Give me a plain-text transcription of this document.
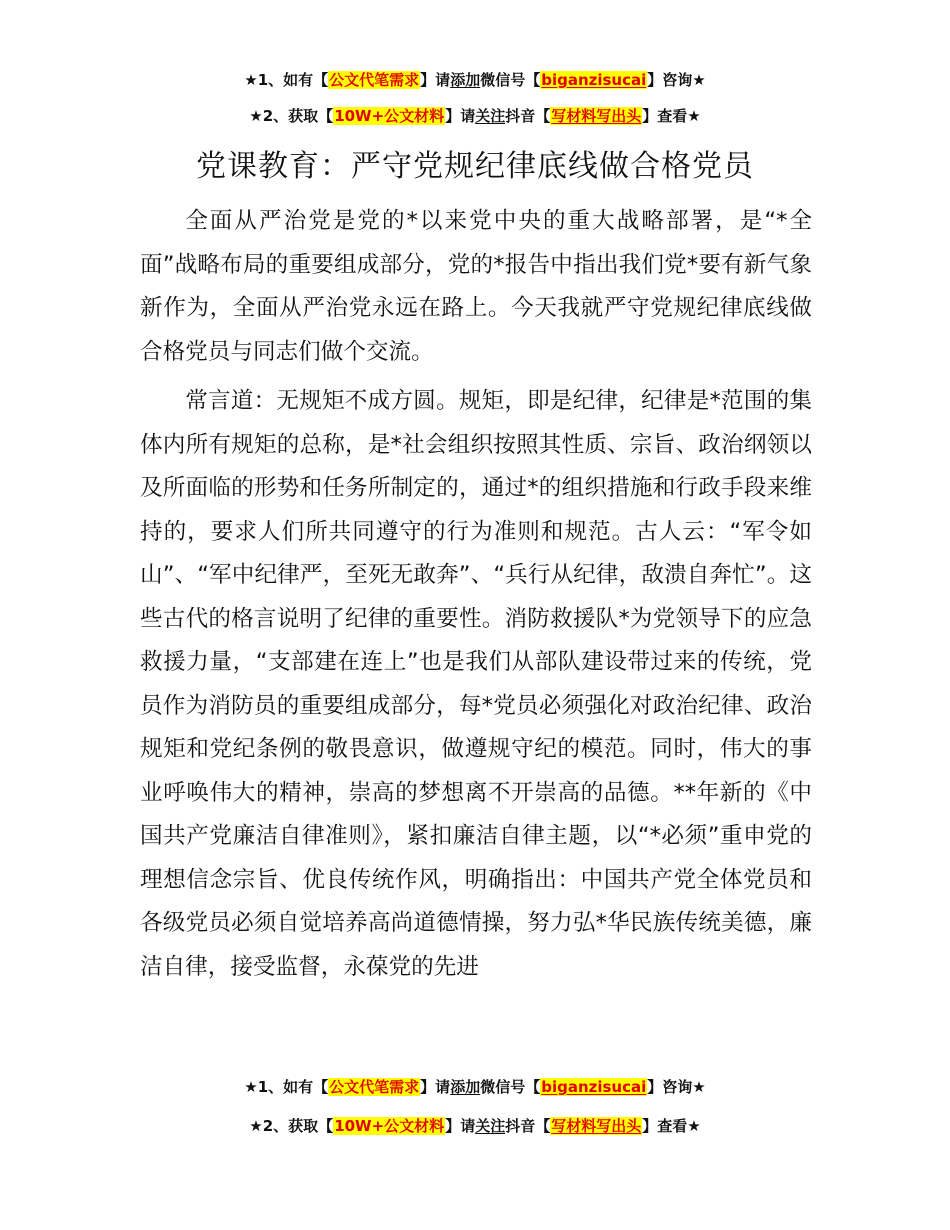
★1、如有【公文代笔需求】请添加微信号【biganzisucai】咨询★
★2、获取【10W+公文材料】请关注抖音【写材料写出头】查看★
党课教育：严守党规纪律底线做合格党员

全面从严治党是党的*以来党中央的重大战略部署，是“*全面”战略布局的重要组成部分，党的*报告中指出我们党*要有新气象新作为，全面从严治党永远在路上。今天我就严守党规纪律底线做合格党员与同志们做个交流。

常言道：无规矩不成方圆。规矩，即是纪律，纪律是*范围的集体内所有规矩的总称，是*社会组织按照其性质、宗旨、政治纲领以及所面临的形势和任务所制定的，通过*的组织措施和行政手段来维持的，要求人们所共同遵守的行为准则和规范。古人云：“军令如山”、“军中纪律严，至死无敢奔”、“兵行从纪律，敌溃自奔忙”。这些古代的格言说明了纪律的重要性。消防救援队*为党领导下的应急救援力量，“支部建在连上”也是我们从部队建设带过来的传统，党员作为消防员的重要组成部分，每*党员必须强化对政治纪律、政治规矩和党纪条例的敬畏意识，做遵规守纪的模范。同时，伟大的事业呼唤伟大的精神，崇高的梦想离不开崇高的品德。**年新的《中国共产党廉洁自律准则》，紧扣廉洁自律主题，以“*必须”重申党的理想信念宗旨、优良传统作风，明确指出：中国共产党全体党员和各级党员必须自觉培养高尚道德情操，努力弘*华民族传统美德，廉洁自律，接受监督，永葆党的先进

★1、如有【公文代笔需求】请添加微信号【biganzisucai】咨询★
★2、获取【10W+公文材料】请关注抖音【写材料写出头】查看★
